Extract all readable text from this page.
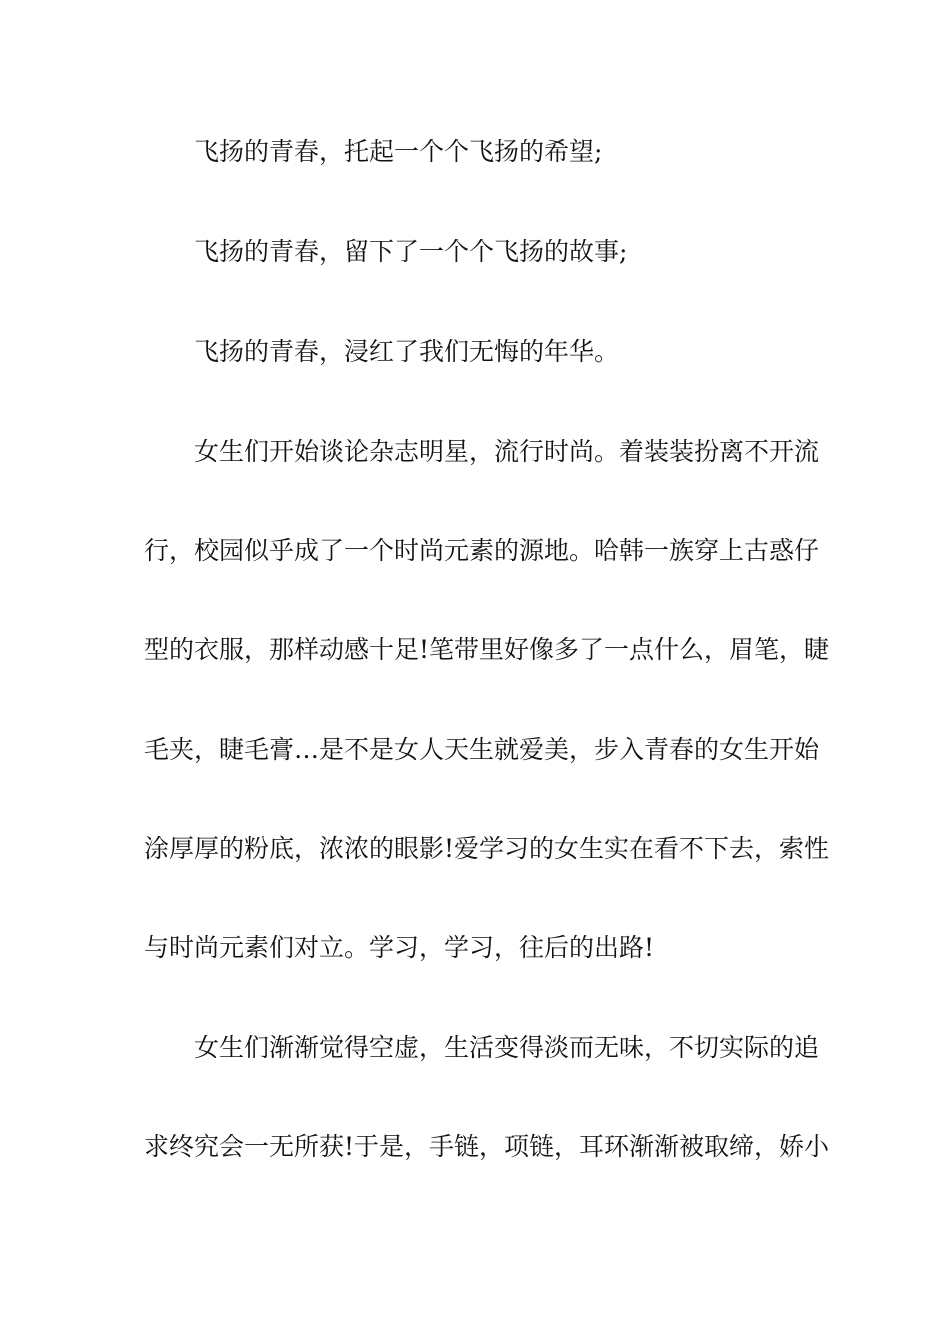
飞扬的青春，托起一个个飞扬的希望;
飞扬的青春，留下了一个个飞扬的故事;
飞扬的青春，浸红了我们无悔的年华。
女生们开始谈论杂志明星，流行时尚。着装装扮离不开流
行，校园似乎成了一个时尚元素的源地。哈韩一族穿上古惑仔
型的衣服，那样动感十足!笔带里好像多了一点什么，眉笔，睫
毛夹，睫毛膏…是不是女人天生就爱美，步入青春的女生开始
涂厚厚的粉底，浓浓的眼影!爱学习的女生实在看不下去，索性
与时尚元素们对立。学习，学习，往后的出路!
女生们渐渐觉得空虚，生活变得淡而无味，不切实际的追
求终究会一无所获!于是，手链，项链，耳环渐渐被取缔，娇小
